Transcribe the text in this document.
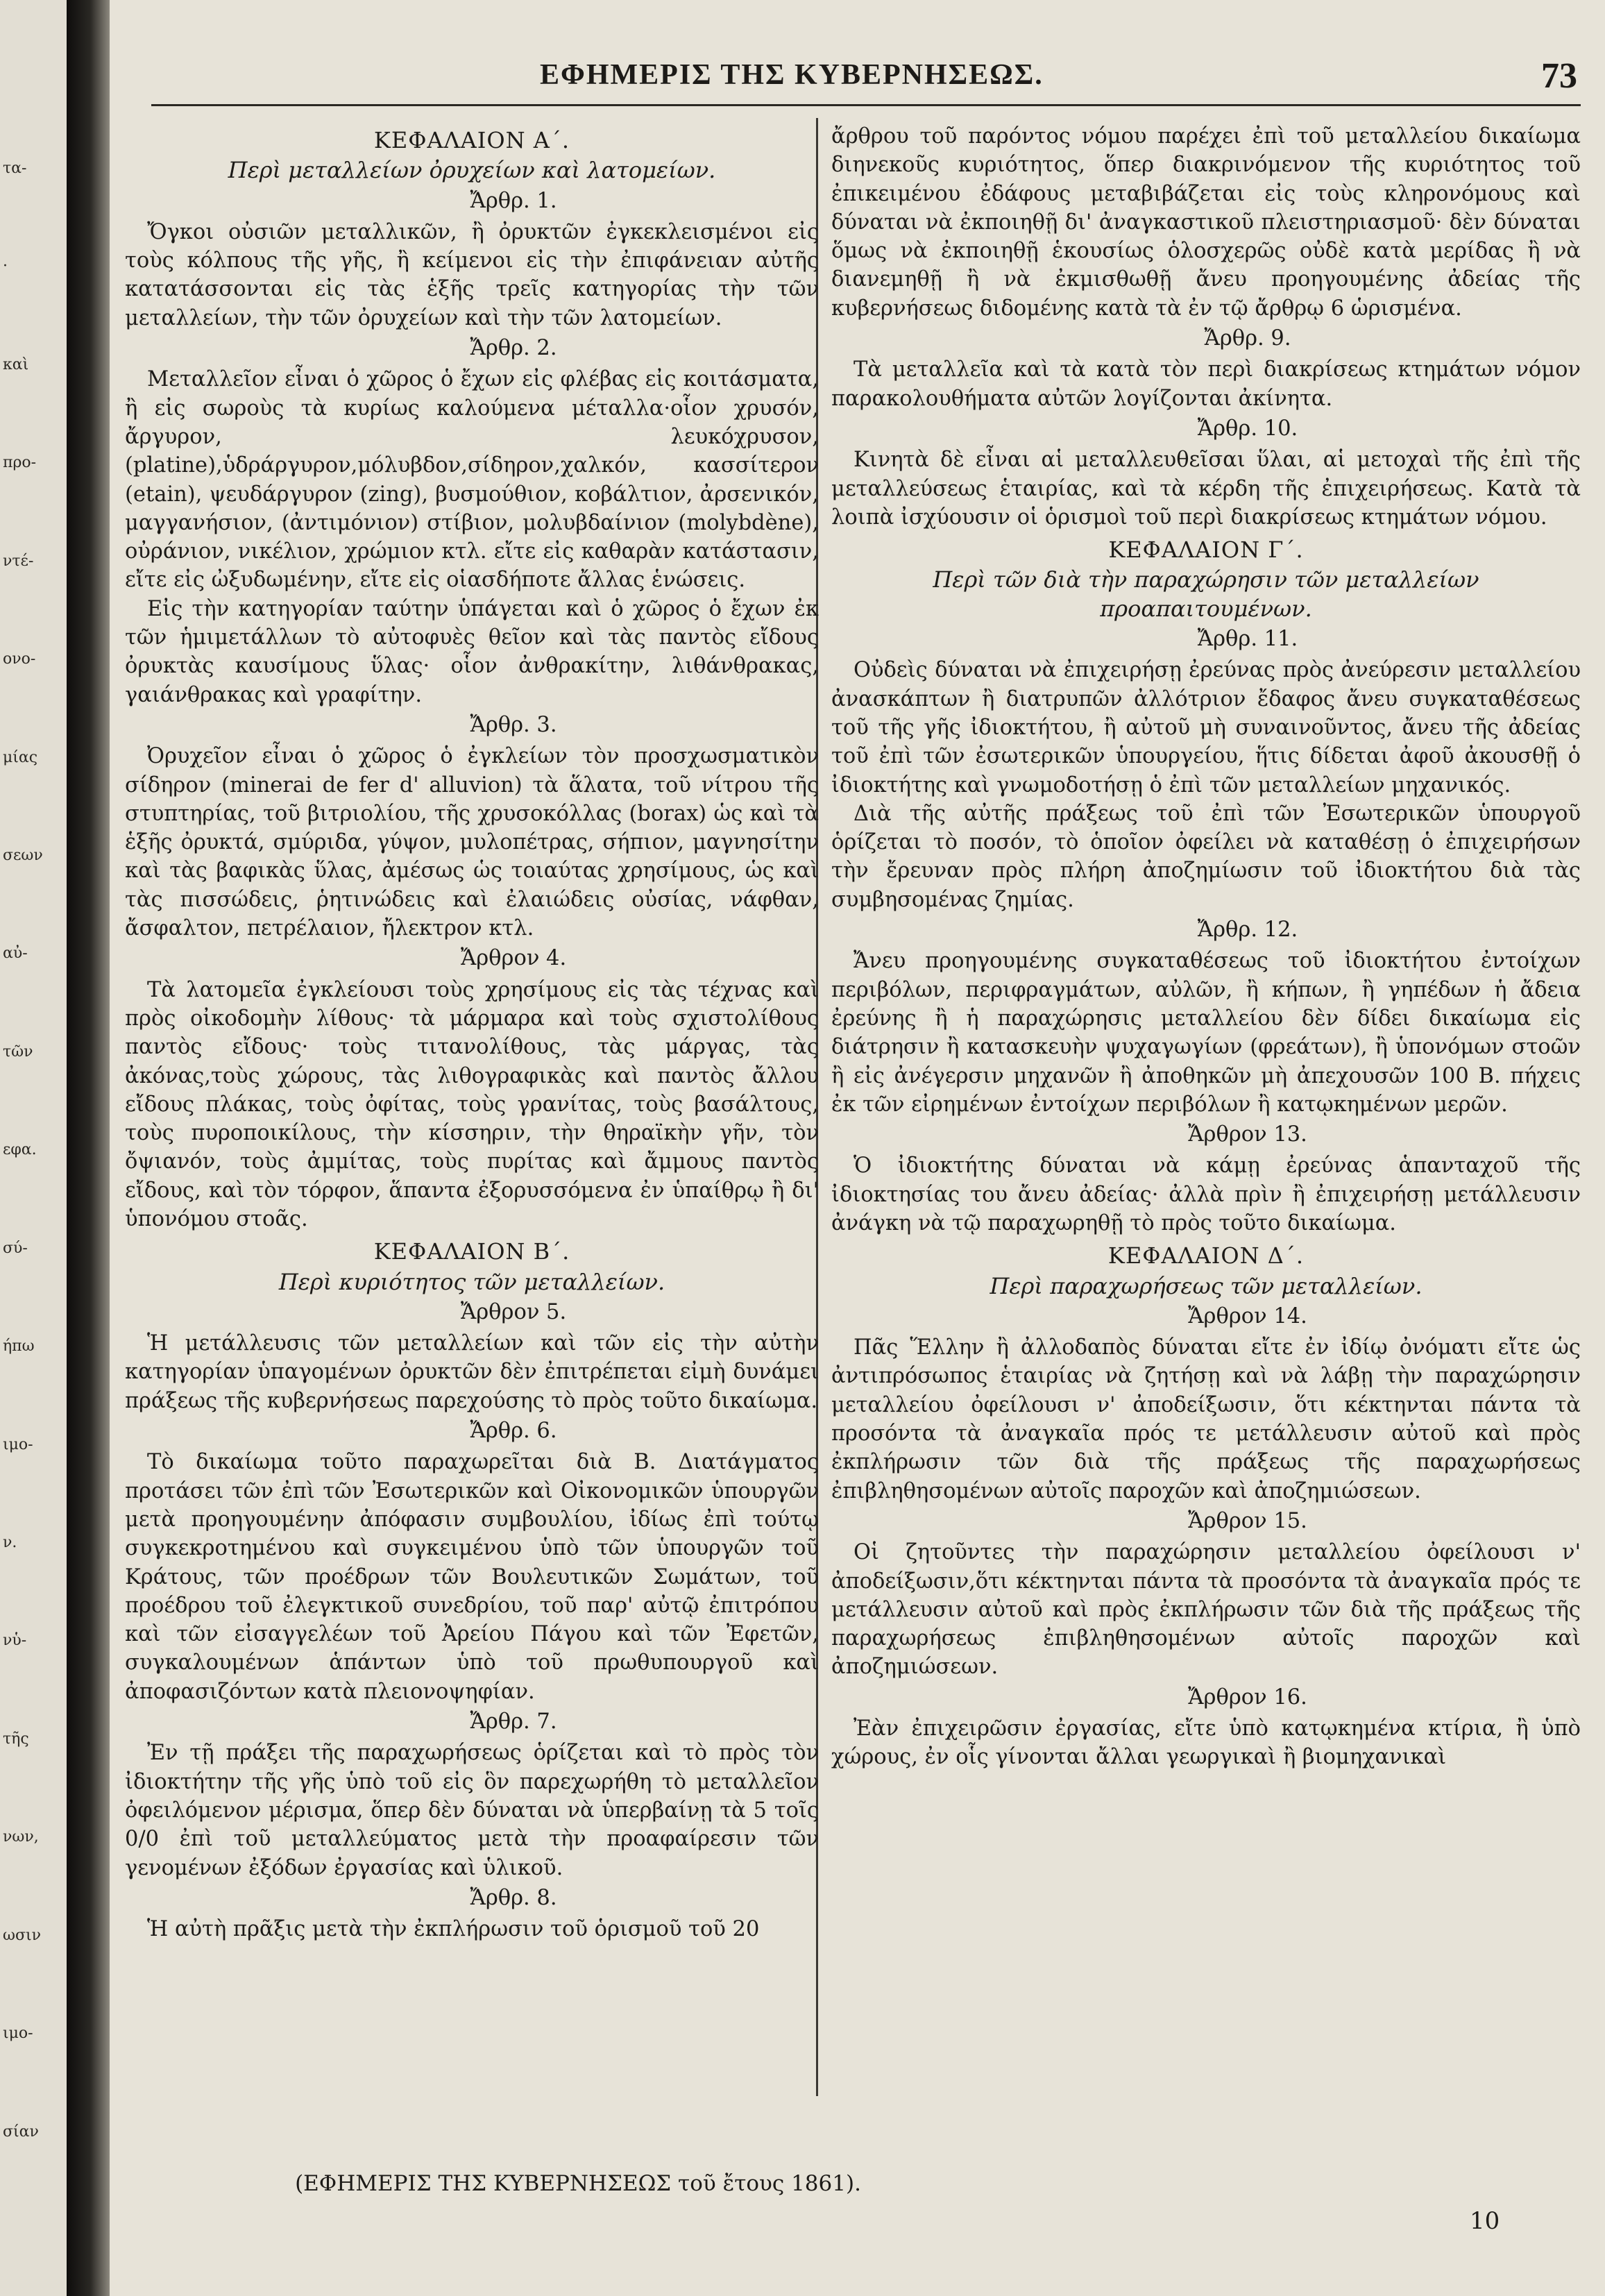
τα-
·
καὶ
προ-
ντέ-
ονο-
μίας
σεων
αὐ-
τῶν
εφα.
σύ-
ήπω
ιμο-
ν.
νὑ-
τῆς
νων,
ωσιν
ιμο-
σίαν
ΕΦΗΜΕΡΙΣ ΤΗΣ ΚΥΒΕΡΝΗΣΕΩΣ.	73
ΚΕΦΑΛΑΙΟΝ Α΄.
Περὶ μεταλλείων ὀρυχείων καὶ λατομείων.
Ἄρθρ. 1.

Ὄγκοι οὐσιῶν μεταλλικῶν, ἢ ὀρυκτῶν ἐγκεκλεισμένοι εἰς τοὺς κόλπους τῆς γῆς, ἢ κείμενοι εἰς τὴν ἐπιφάνειαν αὐτῆς κατατάσσονται εἰς τὰς ἑξῆς τρεῖς κατηγορίας τὴν τῶν μεταλλείων, τὴν τῶν ὀρυχείων καὶ τὴν τῶν λατομείων.

Ἄρθρ. 2.

Μεταλλεῖον εἶναι ὁ χῶρος ὁ ἔχων εἰς φλέβας εἰς κοιτάσματα, ἢ εἰς σωροὺς τὰ κυρίως καλούμενα μέταλλα·οἷον χρυσόν, ἄργυρον, λευκόχρυσον, (platine),ὑδράργυρον,μόλυβδον,σίδηρον,χαλκόν, κασσίτερον (etain), ψευδάργυρον (zing), βυσμούθιον, κοβάλτιον, ἀρσενικόν, μαγγανήσιον, (ἀντιμόνιον) στίβιον, μολυβδαίνιον (molybdène), οὐράνιον, νικέλιον, χρώμιον κτλ. εἴτε εἰς καθαρὰν κατάστασιν, εἴτε εἰς ὠξυδωμένην, εἴτε εἰς οἱασδήποτε ἄλλας ἑνώσεις.

Εἰς τὴν κατηγορίαν ταύτην ὑπάγεται καὶ ὁ χῶρος ὁ ἔχων ἐκ τῶν ἡμιμετάλλων τὸ αὐτοφυὲς θεῖον καὶ τὰς παντὸς εἴδους ὀρυκτὰς καυσίμους ὕλας· οἷον ἀνθρακίτην, λιθάνθρακας, γαιάνθρακας καὶ γραφίτην.

Ἄρθρ. 3.

Ὀρυχεῖον εἶναι ὁ χῶρος ὁ ἐγκλείων τὸν προσχωσματικὸν σίδηρον (minerai de fer d' alluvion) τὰ ἅλατα, τοῦ νίτρου τῆς στυπτηρίας, τοῦ βιτριολίου, τῆς χρυσοκόλλας (borax) ὡς καὶ τὰ ἑξῆς ὀρυκτά, σμύριδα, γύψον, μυλοπέτρας, σήπιον, μαγνησίτην καὶ τὰς βαφικὰς ὕλας, ἀμέσως ὡς τοιαύτας χρησίμους, ὡς καὶ τὰς πισσώδεις, ῥητινώδεις καὶ ἐλαιώδεις οὐσίας, νάφθαν, ἄσφαλτον, πετρέλαιον, ἤλεκτρον κτλ.

Ἄρθρον 4.

Τὰ λατομεῖα ἐγκλείουσι τοὺς χρησίμους εἰς τὰς τέχνας καὶ πρὸς οἰκοδομὴν λίθους· τὰ μάρμαρα καὶ τοὺς σχιστολίθους παντὸς εἴδους· τοὺς τιτανολίθους, τὰς μάργας, τὰς ἀκόνας,τοὺς χώρους, τὰς λιθογραφικὰς καὶ παντὸς ἄλλου εἴδους πλάκας, τοὺς ὀφίτας, τοὺς γρανίτας, τοὺς βασάλτους, τοὺς πυροποικίλους, τὴν κίσσηριν, τὴν θηραϊκὴν γῆν, τὸν ὄψιανόν, τοὺς ἀμμίτας, τοὺς πυρίτας καὶ ἄμμους παντὸς εἴδους, καὶ τὸν τόρφον, ἅπαντα ἐξορυσσόμενα ἐν ὑπαίθρῳ ἢ δι' ὑπονόμου στοᾶς.

ΚΕΦΑΛΑΙΟΝ Β΄.
Περὶ κυριότητος τῶν μεταλλείων.
Ἄρθρον 5.

Ἡ μετάλλευσις τῶν μεταλλείων καὶ τῶν εἰς τὴν αὐτὴν κατηγορίαν ὑπαγομένων ὀρυκτῶν δὲν ἐπιτρέπεται εἰμὴ δυνάμει πράξεως τῆς κυβερνήσεως παρεχούσης τὸ πρὸς τοῦτο δικαίωμα.

Ἄρθρ. 6.

Τὸ δικαίωμα τοῦτο παραχωρεῖται διὰ Β. Διατάγματος προτάσει τῶν ἐπὶ τῶν Ἐσωτερικῶν καὶ Οἰκονομικῶν ὑπουργῶν μετὰ προηγουμένην ἀπόφασιν συμβουλίου, ἰδίως ἐπὶ τούτῳ συγκεκροτημένου καὶ συγκειμένου ὑπὸ τῶν ὑπουργῶν τοῦ Κράτους, τῶν προέδρων τῶν Βουλευτικῶν Σωμάτων, τοῦ προέδρου τοῦ ἐλεγκτικοῦ συνεδρίου, τοῦ παρ' αὐτῷ ἐπιτρόπου καὶ τῶν εἰσαγγελέων τοῦ Ἀρείου Πάγου καὶ τῶν Ἐφετῶν, συγκαλουμένων ἁπάντων ὑπὸ τοῦ πρωθυπουργοῦ καὶ ἀποφασιζόντων κατὰ πλειονοψηφίαν.

Ἄρθρ. 7.

Ἐν τῇ πράξει τῆς παραχωρήσεως ὁρίζεται καὶ τὸ πρὸς τὸν ἰδιοκτήτην τῆς γῆς ὑπὸ τοῦ εἰς ὃν παρεχωρήθη τὸ μεταλλεῖον ὀφειλόμενον μέρισμα, ὅπερ δὲν δύναται νὰ ὑπερβαίνῃ τὰ 5 τοῖς 0/0 ἐπὶ τοῦ μεταλλεύματος μετὰ τὴν προαφαίρεσιν τῶν γενομένων ἐξόδων ἐργασίας καὶ ὑλικοῦ.

Ἄρθρ. 8.

Ἡ αὐτὴ πρᾶξις μετὰ τὴν ἐκπλήρωσιν τοῦ ὁρισμοῦ τοῦ 20

ἄρθρου τοῦ παρόντος νόμου παρέχει ἐπὶ τοῦ μεταλλείου δικαίωμα διηνεκοῦς κυριότητος, ὅπερ διακρινόμενον τῆς κυριότητος τοῦ ἐπικειμένου ἐδάφους μεταβιβάζεται εἰς τοὺς κληρονόμους καὶ δύναται νὰ ἐκποιηθῇ δι' ἀναγκαστικοῦ πλειστηριασμοῦ· δὲν δύναται ὅμως νὰ ἐκποιηθῇ ἑκουσίως ὁλοσχερῶς οὐδὲ κατὰ μερίδας ἢ νὰ διανεμηθῇ ἢ νὰ ἐκμισθωθῇ ἄνευ προηγουμένης ἀδείας τῆς κυβερνήσεως διδομένης κατὰ τὰ ἐν τῷ ἄρθρῳ 6 ὡρισμένα.

Ἄρθρ. 9.

Τὰ μεταλλεῖα καὶ τὰ κατὰ τὸν περὶ διακρίσεως κτημάτων νόμον παρακολουθήματα αὐτῶν λογίζονται ἀκίνητα.

Ἄρθρ. 10.

Κινητὰ δὲ εἶναι αἱ μεταλλευθεῖσαι ὕλαι, αἱ μετοχαὶ τῆς ἐπὶ τῆς μεταλλεύσεως ἑταιρίας, καὶ τὰ κέρδη τῆς ἐπιχειρήσεως. Κατὰ τὰ λοιπὰ ἰσχύουσιν οἱ ὁρισμοὶ τοῦ περὶ διακρίσεως κτημάτων νόμου.

ΚΕΦΑΛΑΙΟΝ Γ΄.
Περὶ τῶν διὰ τὴν παραχώρησιν τῶν μεταλλείων προαπαιτουμένων.
Ἄρθρ. 11.

Οὐδεὶς δύναται νὰ ἐπιχειρήσῃ ἐρεύνας πρὸς ἀνεύρεσιν μεταλλείου ἀνασκάπτων ἢ διατρυπῶν ἀλλότριον ἔδαφος ἄνευ συγκαταθέσεως τοῦ τῆς γῆς ἰδιοκτήτου, ἢ αὐτοῦ μὴ συναινοῦντος, ἄνευ τῆς ἀδείας τοῦ ἐπὶ τῶν ἐσωτερικῶν ὑπουργείου, ἥτις δίδεται ἀφοῦ ἀκουσθῇ ὁ ἰδιοκτήτης καὶ γνωμοδοτήσῃ ὁ ἐπὶ τῶν μεταλλείων μηχανικός.

Διὰ τῆς αὐτῆς πράξεως τοῦ ἐπὶ τῶν Ἐσωτερικῶν ὑπουργοῦ ὁρίζεται τὸ ποσόν, τὸ ὁποῖον ὀφείλει νὰ καταθέσῃ ὁ ἐπιχειρήσων τὴν ἔρευναν πρὸς πλήρη ἀποζημίωσιν τοῦ ἰδιοκτήτου διὰ τὰς συμβησομένας ζημίας.

Ἄρθρ. 12.

Ἄνευ προηγουμένης συγκαταθέσεως τοῦ ἰδιοκτήτου ἐντοίχων περιβόλων, περιφραγμάτων, αὐλῶν, ἢ κήπων, ἢ γηπέδων ἡ ἄδεια ἐρεύνης ἢ ἡ παραχώρησις μεταλλείου δὲν δίδει δικαίωμα εἰς διάτρησιν ἢ κατασκευὴν ψυχαγωγίων (φρεάτων), ἢ ὑπονόμων στοῶν ἢ εἰς ἀνέγερσιν μηχανῶν ἢ ἀποθηκῶν μὴ ἀπεχουσῶν 100 Β. πήχεις ἐκ τῶν εἰρημένων ἐντοίχων περιβόλων ἢ κατῳκημένων μερῶν.

Ἄρθρον 13.

Ὁ ἰδιοκτήτης δύναται νὰ κάμῃ ἐρεύνας ἁπανταχοῦ τῆς ἰδιοκτησίας του ἄνευ ἀδείας· ἀλλὰ πρὶν ἢ ἐπιχειρήσῃ μετάλλευσιν ἀνάγκη νὰ τῷ παραχωρηθῇ τὸ πρὸς τοῦτο δικαίωμα.

ΚΕΦΑΛΑΙΟΝ Δ΄.
Περὶ παραχωρήσεως τῶν μεταλλείων.
Ἄρθρον 14.

Πᾶς Ἕλλην ἢ ἀλλοδαπὸς δύναται εἴτε ἐν ἰδίῳ ὀνόματι εἴτε ὡς ἀντιπρόσωπος ἑταιρίας νὰ ζητήσῃ καὶ νὰ λάβῃ τὴν παραχώρησιν μεταλλείου ὀφείλουσι ν' ἀποδείξωσιν, ὅτι κέκτηνται πάντα τὰ προσόντα τὰ ἀναγκαῖα πρός τε μετάλλευσιν αὐτοῦ καὶ πρὸς ἐκπλήρωσιν τῶν διὰ τῆς πράξεως τῆς παραχωρήσεως ἐπιβληθησομένων αὐτοῖς παροχῶν καὶ ἀποζημιώσεων.

Ἄρθρον 15.

Οἱ ζητοῦντες τὴν παραχώρησιν μεταλλείου ὀφείλουσι ν' ἀποδείξωσιν,ὅτι κέκτηνται πάντα τὰ προσόντα τὰ ἀναγκαῖα πρός τε μετάλλευσιν αὐτοῦ καὶ πρὸς ἐκπλήρωσιν τῶν διὰ τῆς πράξεως τῆς παραχωρήσεως ἐπιβληθησομένων αὐτοῖς παροχῶν καὶ ἀποζημιώσεων.

Ἄρθρον 16.

Ἐὰν ἐπιχειρῶσιν ἐργασίας, εἴτε ὑπὸ κατῳκημένα κτίρια, ἢ ὑπὸ χώρους, ἐν οἷς γίνονται ἄλλαι γεωργικαὶ ἢ βιομηχανικαὶ

(ΕΦΗΜΕΡΙΣ ΤΗΣ ΚΥΒΕΡΝΗΣΕΩΣ τοῦ ἔτους 1861).
10
